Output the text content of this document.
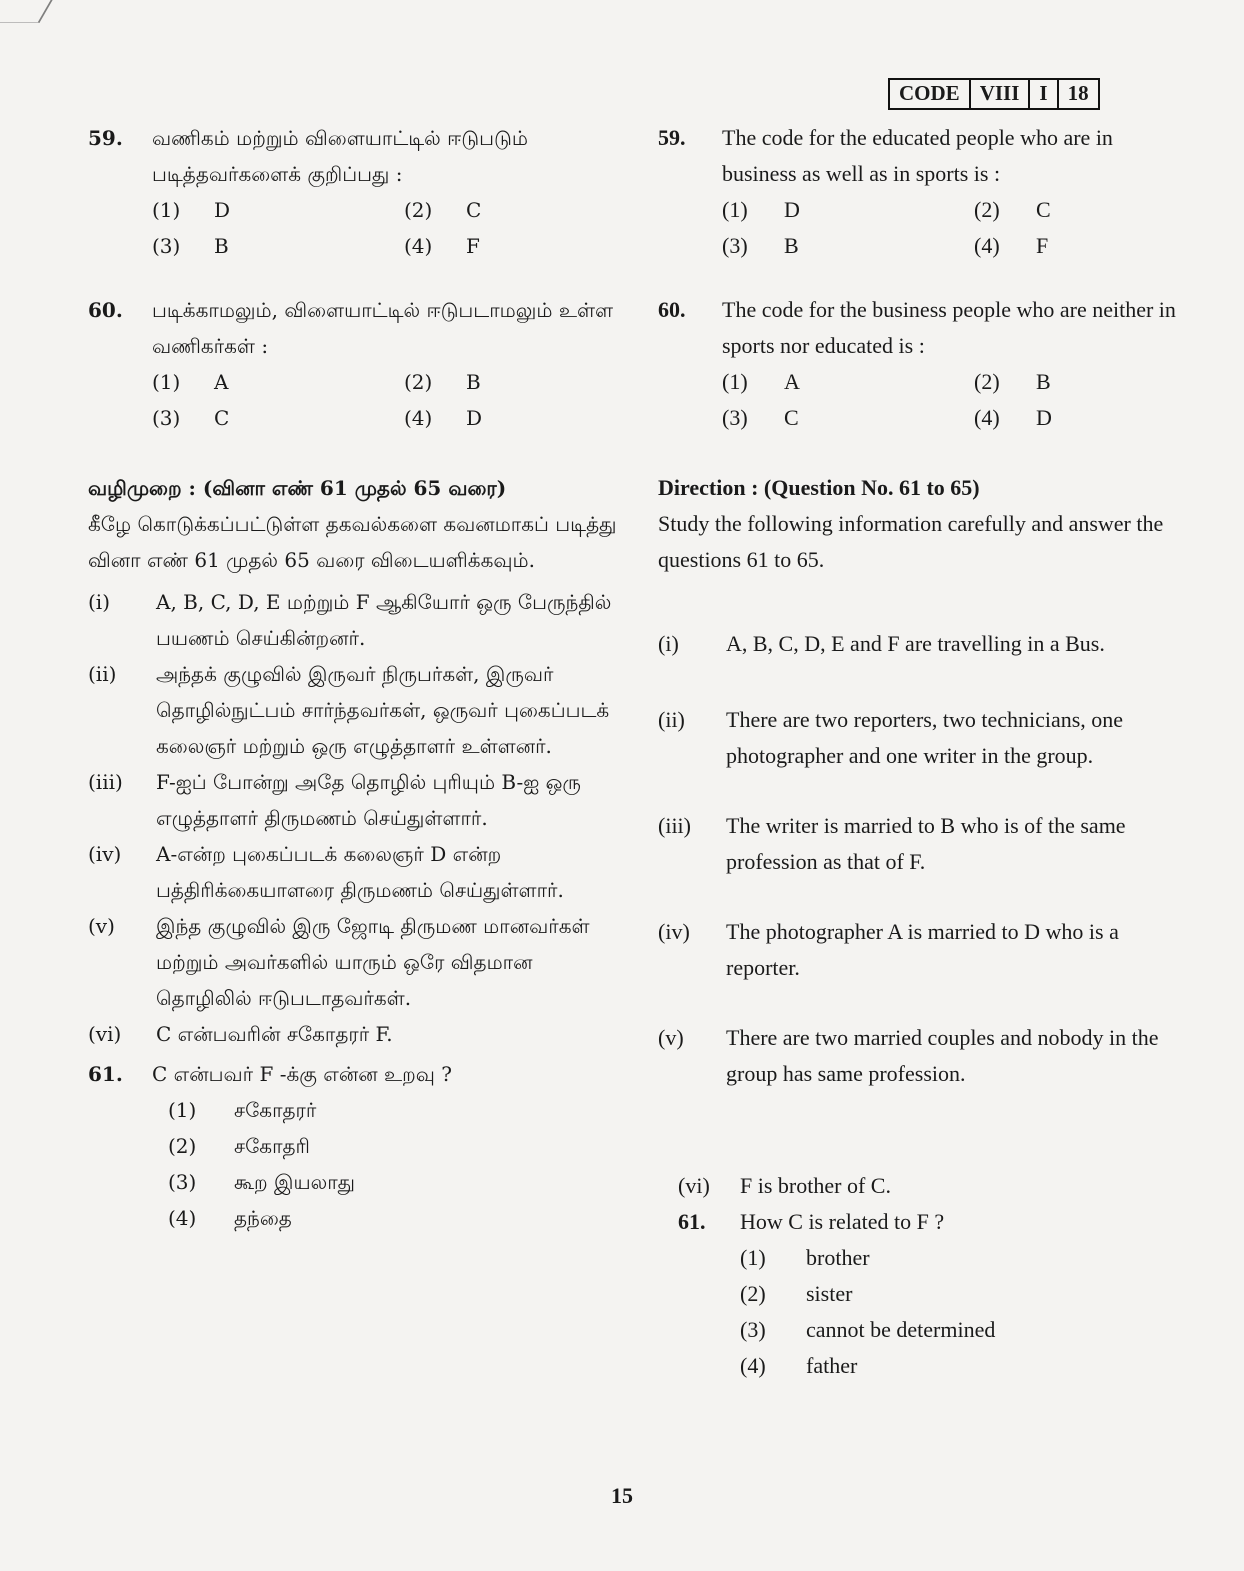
CODE VIII I 18
59.	வணிகம் மற்றும் விளையாட்டில் ஈடுபடும் படித்தவர்களைக் குறிப்பது :
(1)	D	(2)	C
(3)	B	(4)	F
60.	படிக்காமலும், விளையாட்டில் ஈடுபடாமலும் உள்ள வணிகர்கள் :
(1)	A	(2)	B
(3)	C	(4)	D
வழிமுறை : (வினா எண் 61 முதல் 65 வரை)

கீழே கொடுக்கப்பட்டுள்ள தகவல்களை கவனமாகப் படித்து வினா எண் 61 முதல் 65 வரை விடையளிக்கவும்.

(i)	A, B, C, D, E மற்றும் F ஆகியோர் ஒரு பேருந்தில் பயணம் செய்கின்றனர்.
(ii)	அந்தக் குழுவில் இருவர் நிருபர்கள், இருவர் தொழில்நுட்பம் சார்ந்தவர்கள், ஒருவர் புகைப்படக் கலைஞர் மற்றும் ஒரு எழுத்தாளர் உள்ளனர்.
(iii)	F-ஐப் போன்று அதே தொழில் புரியும் B-ஐ ஒரு எழுத்தாளர் திருமணம் செய்துள்ளார்.
(iv)	A-என்ற புகைப்படக் கலைஞர் D என்ற பத்திரிக்கையாளரை திருமணம் செய்துள்ளார்.
(v)	இந்த குழுவில் இரு ஜோடி திருமண மானவர்கள் மற்றும் அவர்களில் யாரும் ஒரே விதமான தொழிலில் ஈடுபடாதவர்கள்.
(vi)	C என்பவரின் சகோதரர் F.
61.	C என்பவர் F -க்கு என்ன உறவு ?
(1)	சகோதரர்
(2)	சகோதரி
(3)	கூற இயலாது
(4)	தந்தை
59.	The code for the educated people who are in business as well as in sports is :
(1)	D	(2)	C
(3)	B	(4)	F
60.	The code for the business people who are neither in sports nor educated is :
(1)	A	(2)	B
(3)	C	(4)	D
Direction : (Question No. 61 to 65)

Study the following information carefully and answer the questions 61 to 65.

(i)	A, B, C, D, E and F are travelling in a Bus.
(ii)	There are two reporters, two technicians, one photographer and one writer in the group.
(iii)	The writer is married to B who is of the same profession as that of F.
(iv)	The photographer A is married to D who is a reporter.
(v)	There are two married couples and nobody in the group has same profession.
(vi)	F is brother of C.
61.	How C is related to F ?
(1)	brother
(2)	sister
(3)	cannot be determined
(4)	father
15
